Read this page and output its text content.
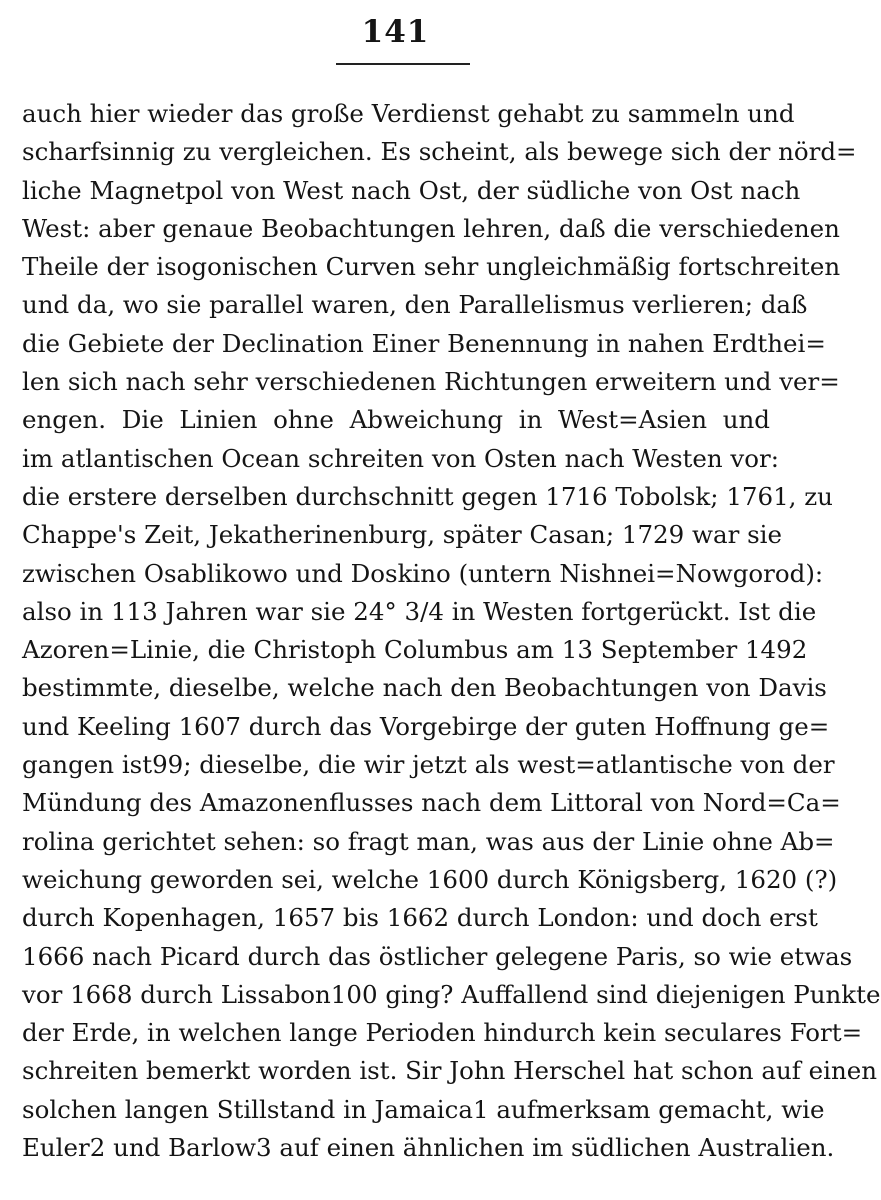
141
auch hier wieder das große Verdienst gehabt zu sammeln und
scharfsinnig zu vergleichen. Es scheint, als bewege sich der nörd=
liche Magnetpol von West nach Ost, der südliche von Ost nach
West: aber genaue Beobachtungen lehren, daß die verschiedenen
Theile der isogonischen Curven sehr ungleichmäßig fortschreiten
und da, wo sie parallel waren, den Parallelismus verlieren; daß
die Gebiete der Declination Einer Benennung in nahen Erdthei=
len sich nach sehr verschiedenen Richtungen erweitern und ver=
engen. Die Linien ohne Abweichung in West=Asien und
im atlantischen Ocean schreiten von Osten nach Westen vor:
die erstere derselben durchschnitt gegen 1716 Tobolsk; 1761, zu
Chappe's Zeit, Jekatherinenburg, später Casan; 1729 war sie
zwischen Osablikowo und Doskino (untern Nishnei=Nowgorod):
also in 113 Jahren war sie 24° 3/4 in Westen fortgerückt. Ist die
Azoren=Linie, die Christoph Columbus am 13 September 1492
bestimmte, dieselbe, welche nach den Beobachtungen von Davis
und Keeling 1607 durch das Vorgebirge der guten Hoffnung ge=
gangen ist99; dieselbe, die wir jetzt als west=atlantische von der
Mündung des Amazonenflusses nach dem Littoral von Nord=Ca=
rolina gerichtet sehen: so fragt man, was aus der Linie ohne Ab=
weichung geworden sei, welche 1600 durch Königsberg, 1620 (?)
durch Kopenhagen, 1657 bis 1662 durch London: und doch erst
1666 nach Picard durch das östlicher gelegene Paris, so wie etwas
vor 1668 durch Lissabon100 ging? Auffallend sind diejenigen Punkte
der Erde, in welchen lange Perioden hindurch kein seculares Fort=
schreiten bemerkt worden ist. Sir John Herschel hat schon auf einen
solchen langen Stillstand in Jamaica1 aufmerksam gemacht, wie
Euler2 und Barlow3 auf einen ähnlichen im südlichen Australien.
